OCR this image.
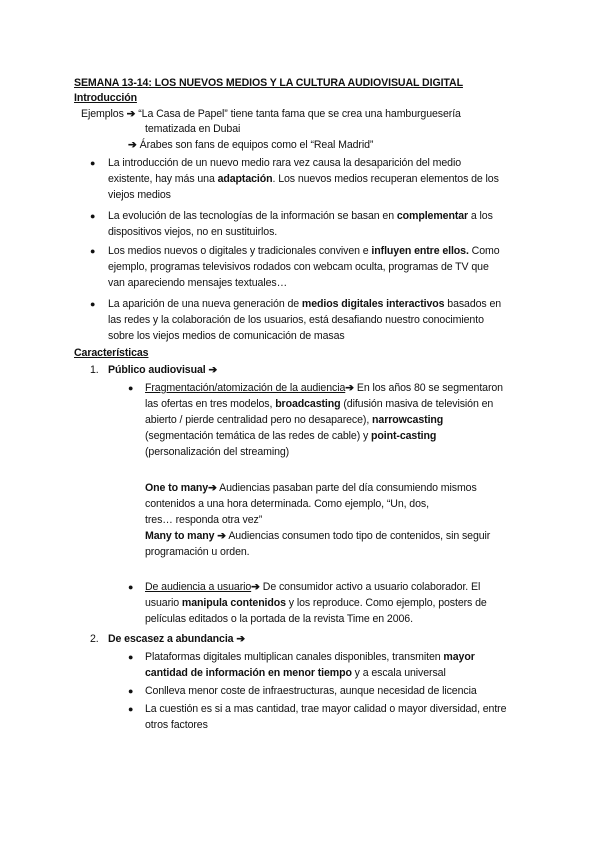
SEMANA 13-14: LOS NUEVOS MEDIOS Y LA CULTURA AUDIOVISUAL DIGITAL
Introducción
Ejemplos ➔ “La Casa de Papel” tiene tanta fama que se crea una hamburguesería
tematizada en Dubai
➔ Árabes son fans de equipos como el “Real Madrid”
● La introducción de un nuevo medio rara vez causa la desaparición del medio
existente, hay más una adaptación. Los nuevos medios recuperan elementos de los
viejos medios
● La evolución de las tecnologías de la información se basan en complementar a los
dispositivos viejos, no en sustituirlos.
● Los medios nuevos o digitales y tradicionales conviven e influyen entre ellos. Como
ejemplo, programas televisivos rodados con webcam oculta, programas de TV que
van apareciendo mensajes textuales…
● La aparición de una nueva generación de medios digitales interactivos basados en
las redes y la colaboración de los usuarios, está desafiando nuestro conocimiento
sobre los viejos medios de comunicación de masas
Características
1. Público audiovisual ➔
● Fragmentación/atomización de la audiencia➔ En los años 80 se segmentaron
las ofertas en tres modelos, broadcasting (difusión masiva de televisión en
abierto / pierde centralidad pero no desaparece), narrowcasting
(segmentación temática de las redes de cable) y point-casting
(personalización del streaming)
One to many➔ Audiencias pasaban parte del día consumiendo mismos
contenidos a una hora determinada. Como ejemplo, “Un, dos,
tres… responda otra vez”
Many to many ➔ Audiencias consumen todo tipo de contenidos, sin seguir
programación u orden.
● De audiencia a usuario➔ De consumidor activo a usuario colaborador. El
usuario manipula contenidos y los reproduce. Como ejemplo, posters de
películas editados o la portada de la revista Time en 2006.
2. De escasez a abundancia ➔
● Plataformas digitales multiplican canales disponibles, transmiten mayor
cantidad de información en menor tiempo y a escala universal
● Conlleva menor coste de infraestructuras, aunque necesidad de licencia
● La cuestión es si a mas cantidad, trae mayor calidad o mayor diversidad, entre
otros factores
